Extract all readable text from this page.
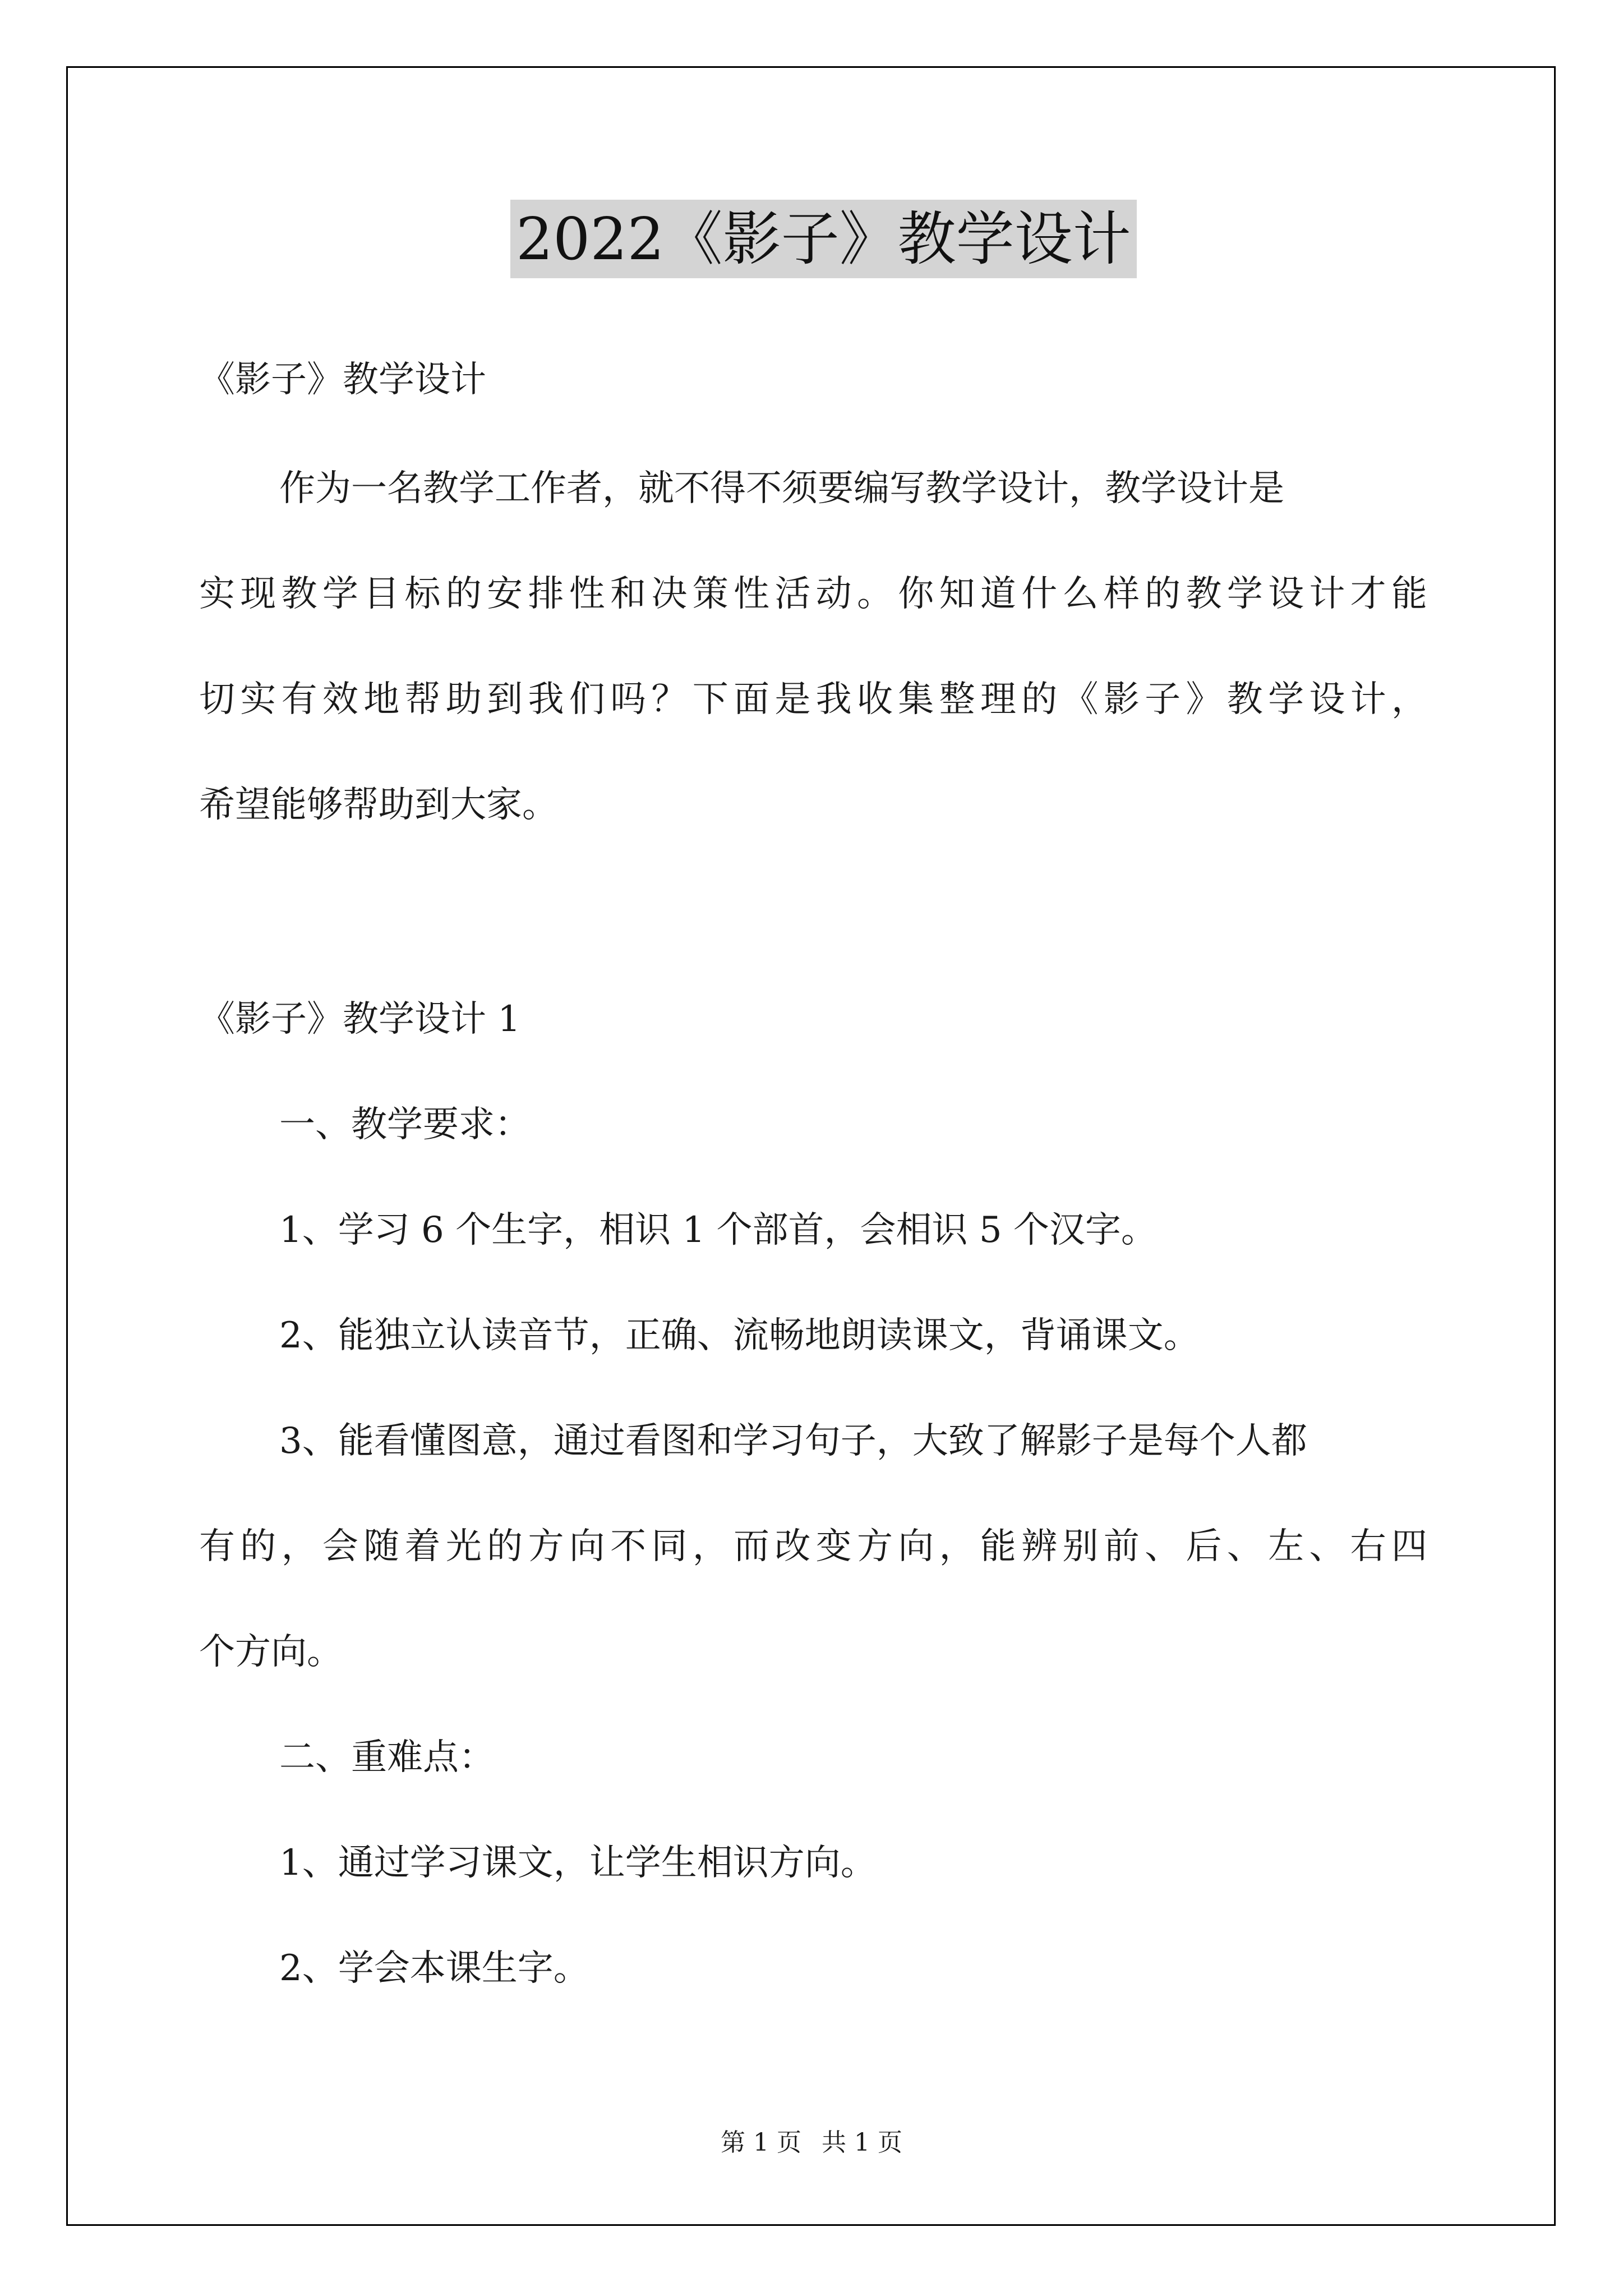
2022《影子》教学设计
《影子》教学设计
作为一名教学工作者，就不得不须要编写教学设计，教学设计是
实现教学目标的安排性和决策性活动。你知道什么样的教学设计才能
切实有效地帮助到我们吗？下面是我收集整理的《影子》教学设计，
希望能够帮助到大家。
《影子》教学设计 1
一、教学要求：
1、学习 6 个生字，相识 1 个部首，会相识 5 个汉字。
2、能独立认读音节，正确、流畅地朗读课文，背诵课文。
3、能看懂图意，通过看图和学习句子，大致了解影子是每个人都
有的，会随着光的方向不同，而改变方向，能辨别前、后、左、右四
个方向。
二、重难点：
1、通过学习课文，让学生相识方向。
2、学会本课生字。
第 1 页 共 1 页
